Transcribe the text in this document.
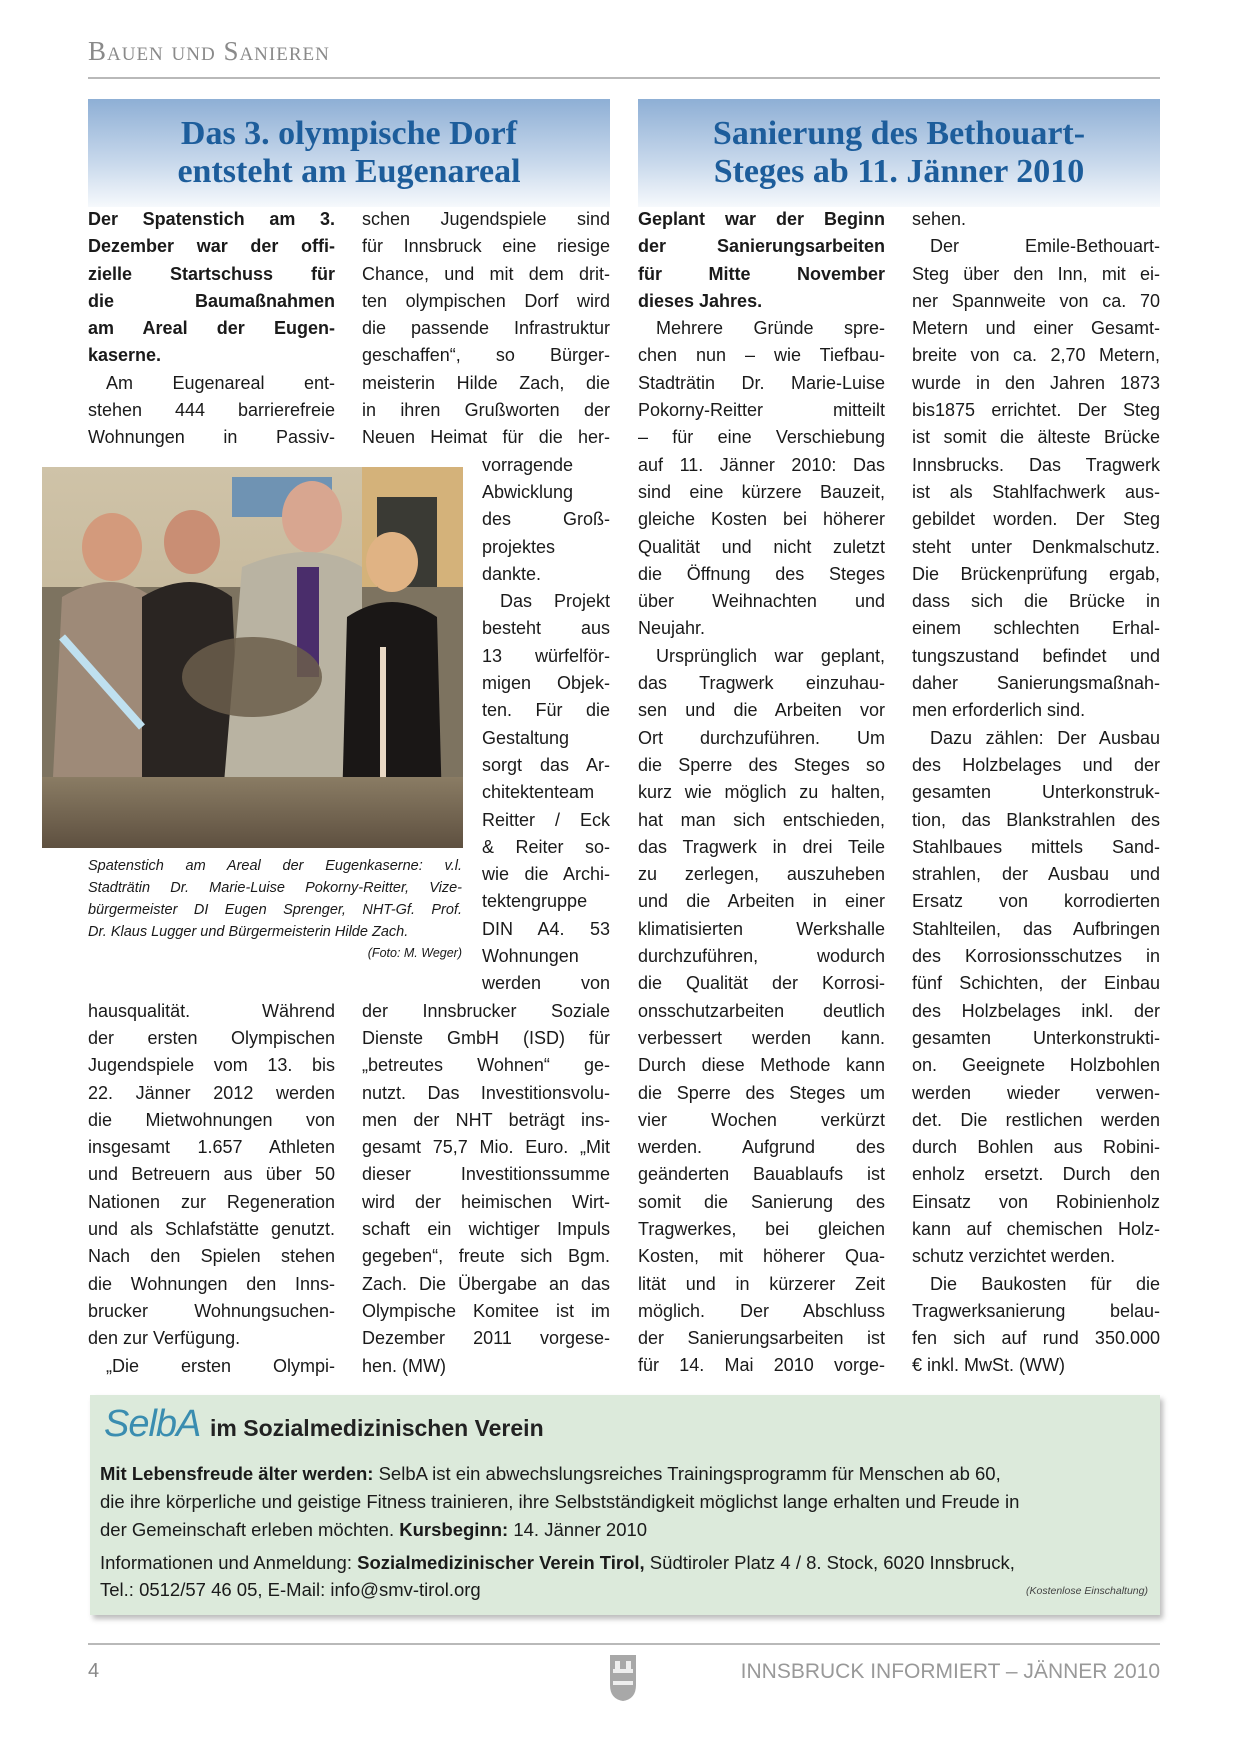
Bauen und Sanieren
Das 3. olympische Dorf
entsteht am Eugenareal
Sanierung des Bethouart-
Steges ab 11. Jänner 2010
Der Spatenstich am 3.
Dezember war der offi-
zielle Startschuss für
die Baumaßnahmen
am Areal der Eugen-
kaserne.
Am Eugenareal ent-
stehen 444 barrierefreie
Wohnungen in Passiv-
schen Jugendspiele sind
für Innsbruck eine riesige
Chance, und mit dem drit-
ten olympischen Dorf wird
die passende Infrastruktur
geschaffen“, so Bürger-
meisterin Hilde Zach, die
in ihren Grußworten der
Neuen Heimat für die her-
vorragende
Abwicklung
des Groß-
projektes
dankte.
Das Projekt
besteht aus
13 würfelför-
migen Objek-
ten. Für die
Gestaltung
sorgt das Ar-
chitektenteam
Reitter / Eck
& Reiter so-
wie die Archi-
tektengruppe
DIN A4. 53
Wohnungen
werden von
hausqualität. Während
der ersten Olympischen
Jugendspiele vom 13. bis
22. Jänner 2012 werden
die Mietwohnungen von
insgesamt 1.657 Athleten
und Betreuern aus über 50
Nationen zur Regeneration
und als Schlafstätte genutzt.
Nach den Spielen stehen
die Wohnungen den Inns-
brucker Wohnungsuchen-
den zur Verfügung.
„Die ersten Olympi-
der Innsbrucker Soziale
Dienste GmbH (ISD) für
„betreutes Wohnen“ ge-
nutzt. Das Investitionsvolu-
men der NHT beträgt ins-
gesamt 75,7 Mio. Euro. „Mit
dieser Investitionssumme
wird der heimischen Wirt-
schaft ein wichtiger Impuls
gegeben“, freute sich Bgm.
Zach. Die Übergabe an das
Olympische Komitee ist im
Dezember 2011 vorgese-
hen. (MW)
Geplant war der Beginn
der Sanierungsarbeiten
für Mitte November
dieses Jahres.
Mehrere Gründe spre-
chen nun – wie Tiefbau-
Stadträtin Dr. Marie-Luise
Pokorny-Reitter mitteilt
– für eine Verschiebung
auf 11. Jänner 2010: Das
sind eine kürzere Bauzeit,
gleiche Kosten bei höherer
Qualität und nicht zuletzt
die Öffnung des Steges
über Weihnachten und
Neujahr.
Ursprünglich war geplant,
das Tragwerk einzuhau-
sen und die Arbeiten vor
Ort durchzuführen. Um
die Sperre des Steges so
kurz wie möglich zu halten,
hat man sich entschieden,
das Tragwerk in drei Teile
zu zerlegen, auszuheben
und die Arbeiten in einer
klimatisierten Werkshalle
durchzuführen, wodurch
die Qualität der Korrosi-
onsschutzarbeiten deutlich
verbessert werden kann.
Durch diese Methode kann
die Sperre des Steges um
vier Wochen verkürzt
werden. Aufgrund des
geänderten Bauablaufs ist
somit die Sanierung des
Tragwerkes, bei gleichen
Kosten, mit höherer Qua-
lität und in kürzerer Zeit
möglich. Der Abschluss
der Sanierungsarbeiten ist
für 14. Mai 2010 vorge-
sehen.
Der Emile-Bethouart-
Steg über den Inn, mit ei-
ner Spannweite von ca. 70
Metern und einer Gesamt-
breite von ca. 2,70 Metern,
wurde in den Jahren 1873
bis1875 errichtet. Der Steg
ist somit die älteste Brücke
Innsbrucks. Das Tragwerk
ist als Stahlfachwerk aus-
gebildet worden. Der Steg
steht unter Denkmalschutz.
Die Brückenprüfung ergab,
dass sich die Brücke in
einem schlechten Erhal-
tungszustand befindet und
daher Sanierungsmaßnah-
men erforderlich sind.
Dazu zählen: Der Ausbau
des Holzbelages und der
gesamten Unterkonstruk-
tion, das Blankstrahlen des
Stahlbaues mittels Sand-
strahlen, der Ausbau und
Ersatz von korrodierten
Stahlteilen, das Aufbringen
des Korrosionsschutzes in
fünf Schichten, der Einbau
des Holzbelages inkl. der
gesamten Unterkonstrukti-
on. Geeignete Holzbohlen
werden wieder verwen-
det. Die restlichen werden
durch Bohlen aus Robini-
enholz ersetzt. Durch den
Einsatz von Robinienholz
kann auf chemischen Holz-
schutz verzichtet werden.
Die Baukosten für die
Tragwerksanierung belau-
fen sich auf rund 350.000
€ inkl. MwSt. (WW)
Spatenstich am Areal der Eugenkaserne: v.l.
Stadträtin Dr. Marie-Luise Pokorny-Reitter, Vize-
bürgermeister DI Eugen Sprenger, NHT-Gf. Prof.
Dr. Klaus Lugger und Bürgermeisterin Hilde Zach.
(Foto: M. Weger)
SelbA im Sozialmedizinischen Verein
Mit Lebensfreude älter werden: SelbA ist ein abwechslungsreiches Trainingsprogramm für Menschen ab 60,
die ihre körperliche und geistige Fitness trainieren, ihre Selbstständigkeit möglichst lange erhalten und Freude in
der Gemeinschaft erleben möchten. Kursbeginn: 14. Jänner 2010
Informationen und Anmeldung: Sozialmedizinischer Verein Tirol, Südtiroler Platz 4 / 8. Stock, 6020 Innsbruck,
Tel.: 0512/57 46 05, E-Mail: info@smv-tirol.org	(Kostenlose Einschaltung)
4	INNSBRUCK INFORMIERT – JÄNNER 2010
